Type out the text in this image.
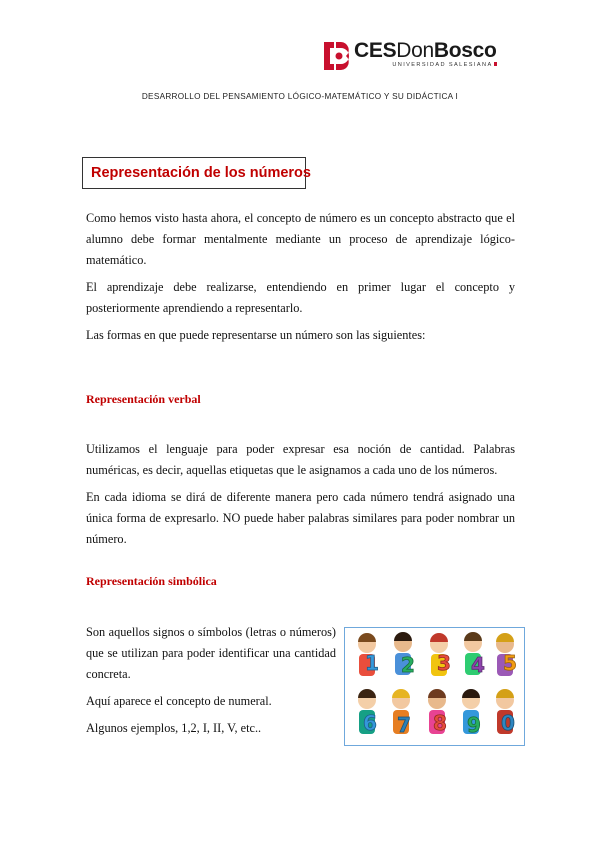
CESDonBosco
UNIVERSIDAD SALESIANA
DESARROLLO DEL PENSAMIENTO LÓGICO-MATEMÁTICO Y SU DIDÁCTICA I
Representación de los números

Como hemos visto hasta ahora, el concepto de número es un concepto abstracto que el alumno debe formar mentalmente mediante un proceso de aprendizaje lógico-matemático.

El aprendizaje debe realizarse, entendiendo en primer lugar el concepto y posteriormente aprendiendo a representarlo.

Las formas en que puede representarse un número son las siguientes:

Representación verbal

Utilizamos el lenguaje para poder expresar esa noción de cantidad. Palabras numéricas, es decir, aquellas etiquetas que le asignamos a cada uno de los números.

En cada idioma se dirá de diferente manera pero cada número tendrá asignado una única forma de expresarlo. NO puede haber palabras similares para poder nombrar un número.

Representación simbólica

Son aquellos signos o símbolos (letras o números) que se utilizan para poder identificar una cantidad concreta.

Aquí aparece el concepto de numeral.

Algunos ejemplos, 1,2, I, II, V, etc..

1 2 3 4 5
6 7 8 9 0
